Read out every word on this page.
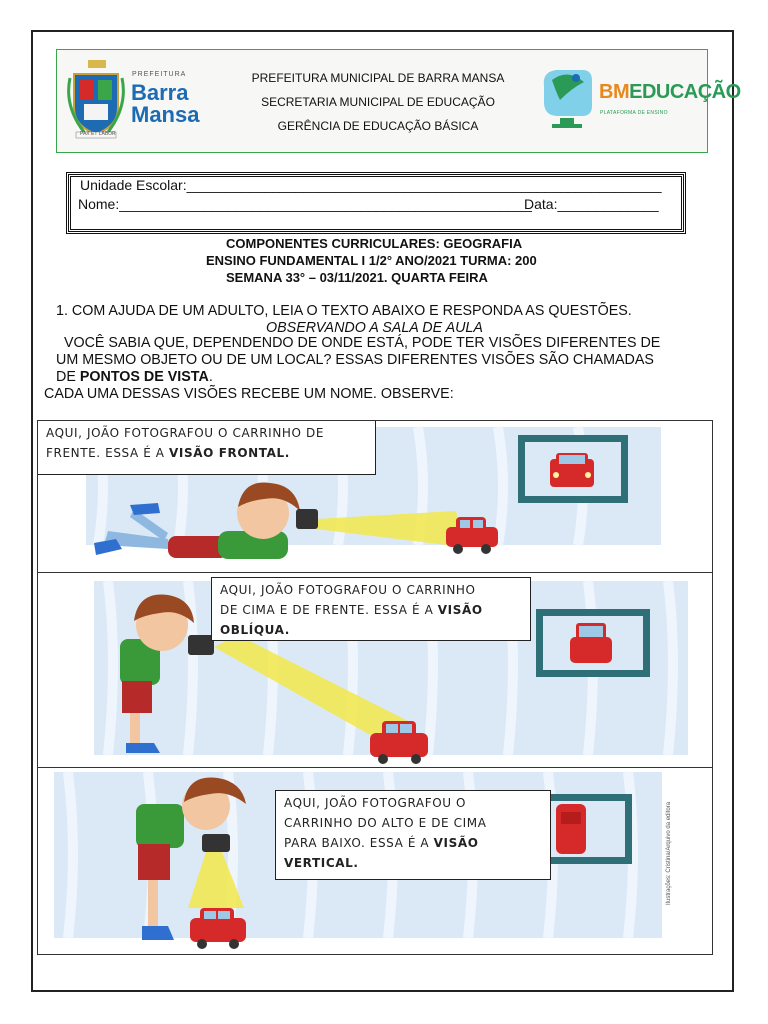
PREFEITURA
Barra
Mansa
PAX ET LABOR
PREFEITURA MUNICIPAL DE BARRA MANSA
SECRETARIA MUNICIPAL DE EDUCAÇÃO
GERÊNCIA DE EDUCAÇÃO BÁSICA
BMEDUCAÇÃO
PLATAFORMA DE ENSINO
Unidade Escolar:_____________________________________________________________
Nome:_____________________________________________________
Data:_____________
COMPONENTES CURRICULARES: GEOGRAFIA
ENSINO FUNDAMENTAL I 1/2° ANO/2021 TURMA: 200
SEMANA 33° – 03/11/2021. QUARTA FEIRA
1. COM AJUDA DE UM ADULTO, LEIA O TEXTO ABAIXO E RESPONDA AS QUESTÕES.
OBSERVANDO A SALA DE AULA
VOCÊ SABIA QUE, DEPENDENDO DE ONDE ESTÁ, PODE TER VISÕES DIFERENTES DE
UM MESMO OBJETO OU DE UM LOCAL? ESSAS DIFERENTES VISÕES SÃO CHAMADAS
DE PONTOS DE VISTA.
CADA UMA DESSAS VISÕES RECEBE UM NOME. OBSERVE:
AQUI, JOÃO FOTOGRAFOU O CARRINHO DE
FRENTE. ESSA É A VISÃO FRONTAL.
AQUI, JOÃO FOTOGRAFOU O CARRINHO
DE CIMA E DE FRENTE. ESSA É A VISÃO
OBLÍQUA.
AQUI, JOÃO FOTOGRAFOU O
CARRINHO DO ALTO E DE CIMA
PARA BAIXO. ESSA É A VISÃO
VERTICAL.	Ilustrações: Cristina/Arquivo da editora
